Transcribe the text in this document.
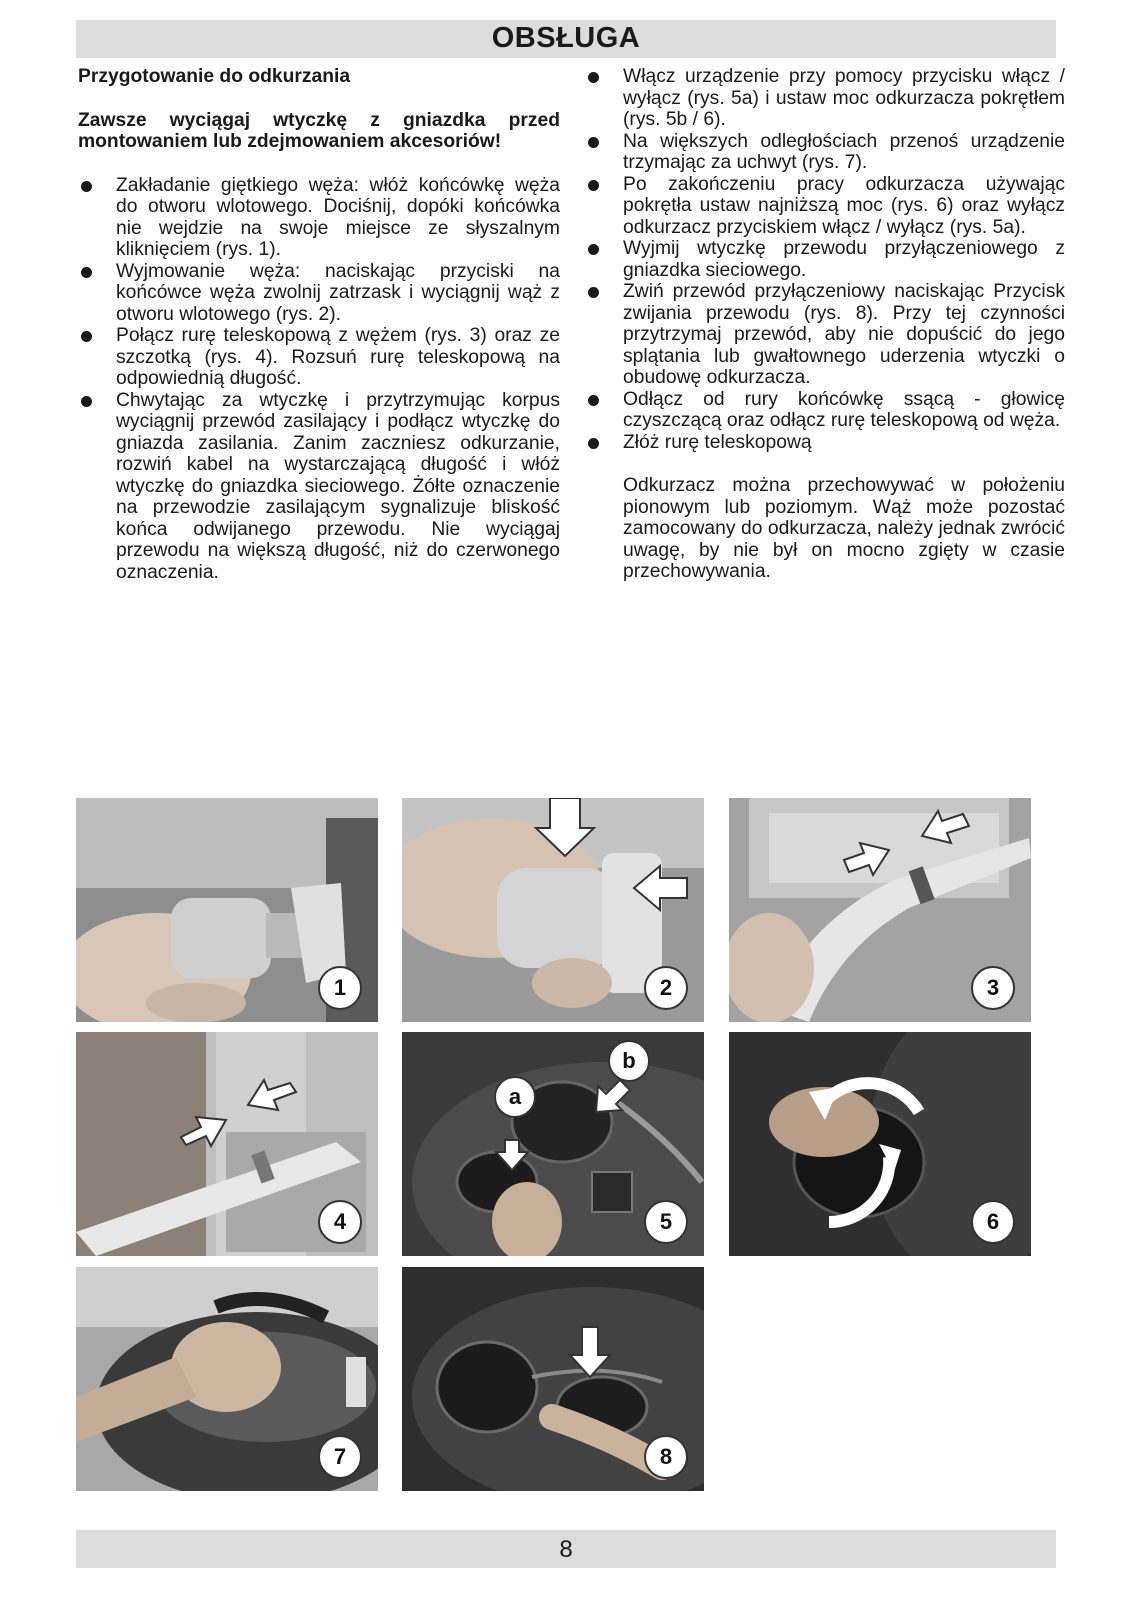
OBSŁUGA
Przygotowanie do odkurzania
Zawsze wyciągaj wtyczkę z gniazdka przed montowaniem lub zdejmowaniem akcesoriów!
Zakładanie giętkiego węża: włóż końcówkę węża do otworu wlotowego. Dociśnij, dopóki końcówka nie wejdzie na swoje miejsce ze słyszalnym kliknięciem (rys. 1).
Wyjmowanie węża: naciskając przyciski na końcówce węża zwolnij zatrzask i wyciągnij wąż z otworu wlotowego (rys. 2).
Połącz rurę teleskopową z wężem (rys. 3) oraz ze szczotką (rys. 4). Rozsuń rurę teleskopową na odpowiednią długość.
Chwytając za wtyczkę i przytrzymując korpus wyciągnij przewód zasilający i podłącz wtyczkę do gniazda zasilania. Zanim zaczniesz odkurzanie, rozwiń kabel na wystarczającą długość i włóż wtyczkę do gniazdka sieciowego. Żółte oznaczenie na przewodzie zasilającym sygnalizuje bliskość końca odwijanego przewodu. Nie wyciągaj przewodu na większą długość, niż do czerwonego oznaczenia.
Włącz urządzenie przy pomocy przycisku włącz / wyłącz (rys. 5a) i ustaw moc odkurzacza pokrętłem (rys. 5b / 6).
Na większych odległościach przenoś urządzenie trzymając za uchwyt (rys. 7).
Po zakończeniu pracy odkurzacza używając pokrętła ustaw najniższą moc (rys. 6) oraz wyłącz odkurzacz przyciskiem włącz / wyłącz (rys. 5a).
Wyjmij wtyczkę przewodu przyłączeniowego z gniazdka sieciowego.
Zwiń przewód przyłączeniowy naciskając Przycisk zwijania przewodu (rys. 8). Przy tej czynności przytrzymaj przewód, aby nie dopuścić do jego splątania lub gwałtownego uderzenia wtyczki o obudowę odkurzacza.
Odłącz od rury końcówkę ssącą - głowicę czyszczącą oraz odłącz rurę teleskopową od węża.
Złóż rurę teleskopową
Odkurzacz można przechowywać w położeniu pionowym lub poziomym. Wąż może pozostać zamocowany do odkurzacza, należy jednak zwrócić uwagę, by nie był on mocno zgięty w czasie przechowywania.
1	2	3
4
a
b
5	6
7	8
8
